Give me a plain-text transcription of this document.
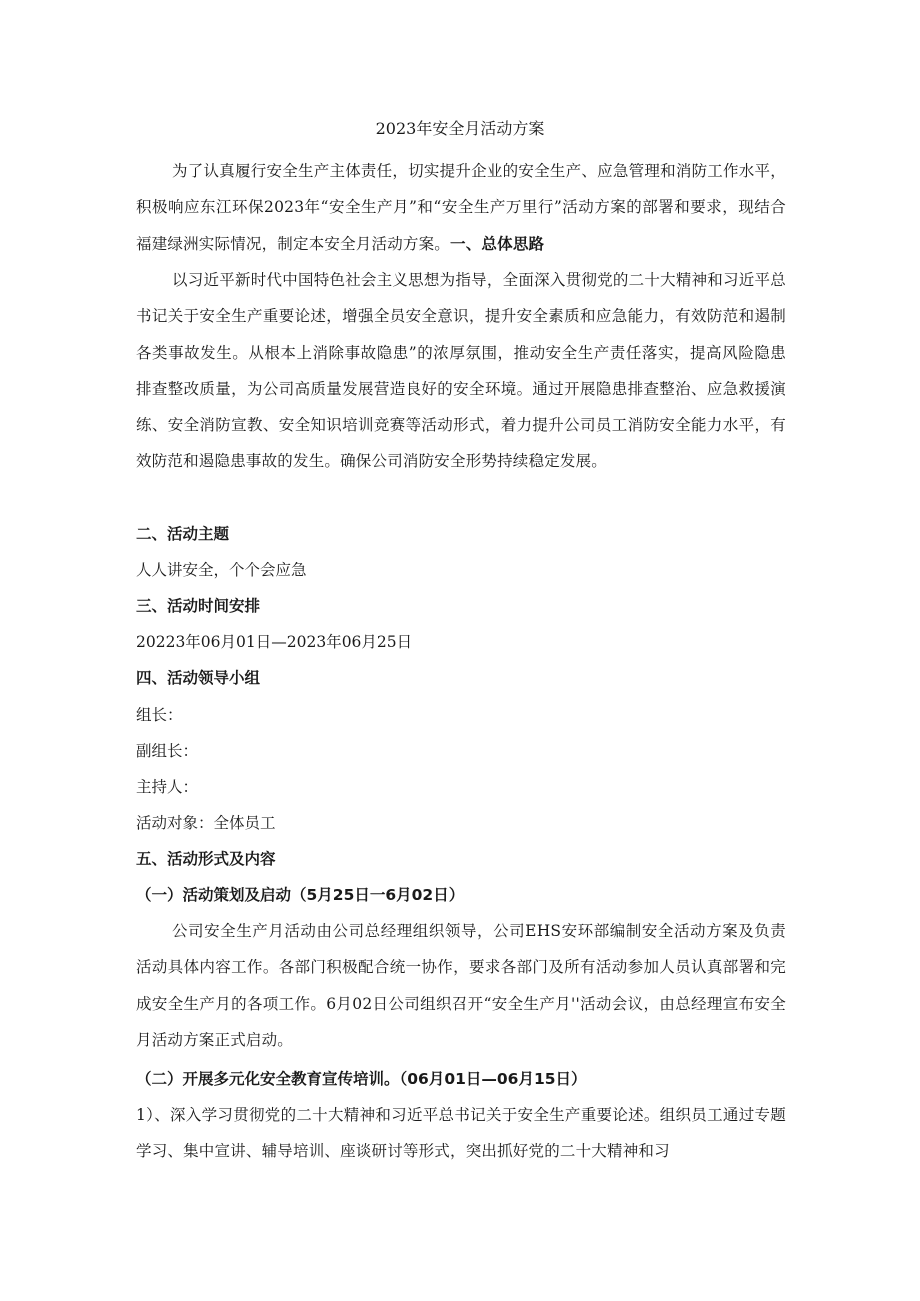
2023年安全月活动方案
为了认真履行安全生产主体责任，切实提升企业的安全生产、应急管理和消防工作水平，积极响应东江环保2023年“安全生产月”和“安全生产万里行”活动方案的部署和要求，现结合福建绿洲实际情况，制定本安全月活动方案。一、总体思路
以习近平新时代中国特色社会主义思想为指导，全面深入贯彻党的二十大精神和习近平总书记关于安全生产重要论述，增强全员安全意识，提升安全素质和应急能力，有效防范和遏制各类事故发生。从根本上消除事故隐患”的浓厚氛围，推动安全生产责任落实，提高风险隐患排查整改质量，为公司高质量发展营造良好的安全环境。通过开展隐患排查整治、应急救援演练、安全消防宣教、安全知识培训竞赛等活动形式，着力提升公司员工消防安全能力水平，有效防范和遏隐患事故的发生。确保公司消防安全形势持续稳定发展。
二、活动主题
人人讲安全，个个会应急
三、活动时间安排
20223年06月01日—2023年06月25日
四、活动领导小组
组长：
副组长：
主持人：
活动对象：全体员工
五、活动形式及内容
（一）活动策划及启动（5月25日一6月02日）
公司安全生产月活动由公司总经理组织领导，公司EHS安环部编制安全活动方案及负责活动具体内容工作。各部门积极配合统一协作，要求各部门及所有活动参加人员认真部署和完成安全生产月的各项工作。6月02日公司组织召开“安全生产月''活动会议，由总经理宣布安全月活动方案正式启动。
（二）开展多元化安全教育宣传培训。（06月01日—06月15日）
1）、深入学习贯彻党的二十大精神和习近平总书记关于安全生产重要论述。组织员工通过专题学习、集中宣讲、辅导培训、座谈研讨等形式，突出抓好党的二十大精神和习
